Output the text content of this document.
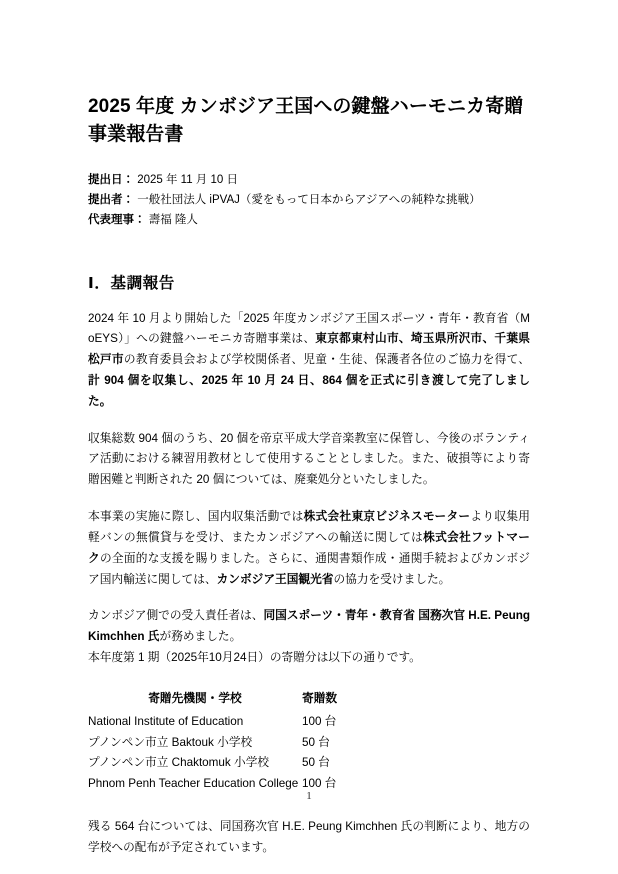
2025 年度 カンボジア王国への鍵盤ハーモニカ寄贈事業報告書
提出日： 2025 年 11 月 10 日
提出者： 一般社団法人 iPVAJ（愛をもって日本からアジアへの純粋な挑戦）
代表理事： 壽福 隆人
Ⅰ．基調報告

2024 年 10 月より開始した「2025 年度カンボジア王国スポーツ・青年・教育省（MoEYS）」への鍵盤ハーモニカ寄贈事業は、東京都東村山市、埼玉県所沢市、千葉県松戸市の教育委員会および学校関係者、児童・生徒、保護者各位のご協力を得て、計 904 個を収集し、2025 年 10 月 24 日、864 個を正式に引き渡して完了しました。

収集総数 904 個のうち、20 個を帝京平成大学音楽教室に保管し、今後のボランティア活動における練習用教材として使用することとしました。また、破損等により寄贈困難と判断された 20 個については、廃棄処分といたしました。

本事業の実施に際し、国内収集活動では株式会社東京ビジネスモーターより収集用軽バンの無償貸与を受け、またカンボジアへの輸送に関しては株式会社フットマークの全面的な支援を賜りました。さらに、通関書類作成・通関手続およびカンボジア国内輸送に関しては、カンボジア王国観光省の協力を受けました。

カンボジア側での受入責任者は、同国スポーツ・青年・教育省 国務次官 H.E. Peung Kimchhen 氏が務めました。

本年度第 1 期（2025年10月24日）の寄贈分は以下の通りです。

寄贈先機関・学校	寄贈数
National Institute of Education	100 台
プノンペン市立 Baktouk 小学校	50 台
プノンペン市立 Chaktomuk 小学校	50 台
Phnom Penh Teacher Education College 100 台

残る 564 台については、同国務次官 H.E. Peung Kimchhen 氏の判断により、地方の学校への配布が予定されています。

1
